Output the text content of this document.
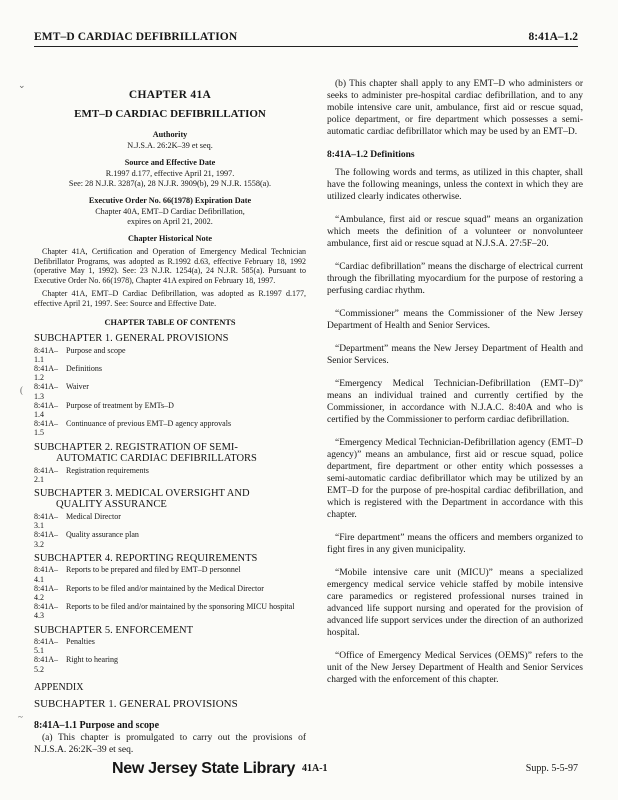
EMT–D CARDIAC DEFIBRILLATION	8:41A–1.2
CHAPTER 41A
EMT–D CARDIAC DEFIBRILLATION
Authority
N.J.S.A. 26:2K–39 et seq.
Source and Effective Date
R.1997 d.177, effective April 21, 1997.
See: 28 N.J.R. 3287(a), 28 N.J.R. 3909(b), 29 N.J.R. 1558(a).
Executive Order No. 66(1978) Expiration Date
Chapter 40A, EMT–D Cardiac Defibrillation,
expires on April 21, 2002.
Chapter Historical Note

Chapter 41A, Certification and Operation of Emergency Medical Technician Defibrillator Programs, was adopted as R.1992 d.63, effective February 18, 1992 (operative May 1, 1992). See: 23 N.J.R. 1254(a), 24 N.J.R. 585(a). Pursuant to Executive Order No. 66(1978), Chapter 41A expired on February 18, 1997.

Chapter 41A, EMT–D Cardiac Defibrillation, was adopted as R.1997 d.177, effective April 21, 1997. See: Source and Effective Date.

CHAPTER TABLE OF CONTENTS
SUBCHAPTER 1. GENERAL PROVISIONS
8:41A–1.1
Purpose and scope
8:41A–1.2
Definitions
8:41A–1.3
Waiver
8:41A–1.4
Purpose of treatment by EMTs–D
8:41A–1.5
Continuance of previous EMT–D agency approvals
SUBCHAPTER 2. REGISTRATION OF SEMI-
AUTOMATIC CARDIAC DEFIBRILLATORS
8:41A–2.1
Registration requirements
SUBCHAPTER 3. MEDICAL OVERSIGHT AND
QUALITY ASSURANCE
8:41A–3.1
Medical Director
8:41A–3.2
Quality assurance plan
SUBCHAPTER 4. REPORTING REQUIREMENTS
8:41A–4.1
Reports to be prepared and filed by EMT–D personnel
8:41A–4.2
Reports to be filed and/or maintained by the Medical Director
8:41A–4.3
Reports to be filed and/or maintained by the sponsoring MICU hospital
SUBCHAPTER 5. ENFORCEMENT
8:41A–5.1
Penalties
8:41A–5.2
Right to hearing
APPENDIX
SUBCHAPTER 1. GENERAL PROVISIONS
8:41A–1.1 Purpose and scope

(a) This chapter is promulgated to carry out the provisions of N.J.S.A. 26:2K–39 et seq.

(b) This chapter shall apply to any EMT–D who administers or seeks to administer pre-hospital cardiac defibrillation, and to any mobile intensive care unit, ambulance, first aid or rescue squad, police department, or fire department which possesses a semi-automatic cardiac defibrillator which may be used by an EMT–D.

8:41A–1.2 Definitions

The following words and terms, as utilized in this chapter, shall have the following meanings, unless the context in which they are utilized clearly indicates otherwise.

“Ambulance, first aid or rescue squad” means an organization which meets the definition of a volunteer or nonvolunteer ambulance, first aid or rescue squad at N.J.S.A. 27:5F–20.

“Cardiac defibrillation” means the discharge of electrical current through the fibrillating myocardium for the purpose of restoring a perfusing cardiac rhythm.

“Commissioner” means the Commissioner of the New Jersey Department of Health and Senior Services.

“Department” means the New Jersey Department of Health and Senior Services.

“Emergency Medical Technician-Defibrillation (EMT–D)” means an individual trained and currently certified by the Commissioner, in accordance with N.J.A.C. 8:40A and who is certified by the Commissioner to perform cardiac defibrillation.

“Emergency Medical Technician-Defibrillation agency (EMT–D agency)” means an ambulance, first aid or rescue squad, police department, fire department or other entity which possesses a semi-automatic cardiac defibrillator which may be utilized by an EMT–D for the purpose of pre-hospital cardiac defibrillation, and which is registered with the Department in accordance with this chapter.

“Fire department” means the officers and members organized to fight fires in any given municipality.

“Mobile intensive care unit (MICU)” means a specialized emergency medical service vehicle staffed by mobile intensive care paramedics or registered professional nurses trained in advanced life support nursing and operated for the provision of advanced life support services under the direction of an authorized hospital.

“Office of Emergency Medical Services (OEMS)” refers to the unit of the New Jersey Department of Health and Senior Services charged with the enforcement of this chapter.

⌄
(
~
New Jersey State Library 41A-1	Supp. 5-5-97
